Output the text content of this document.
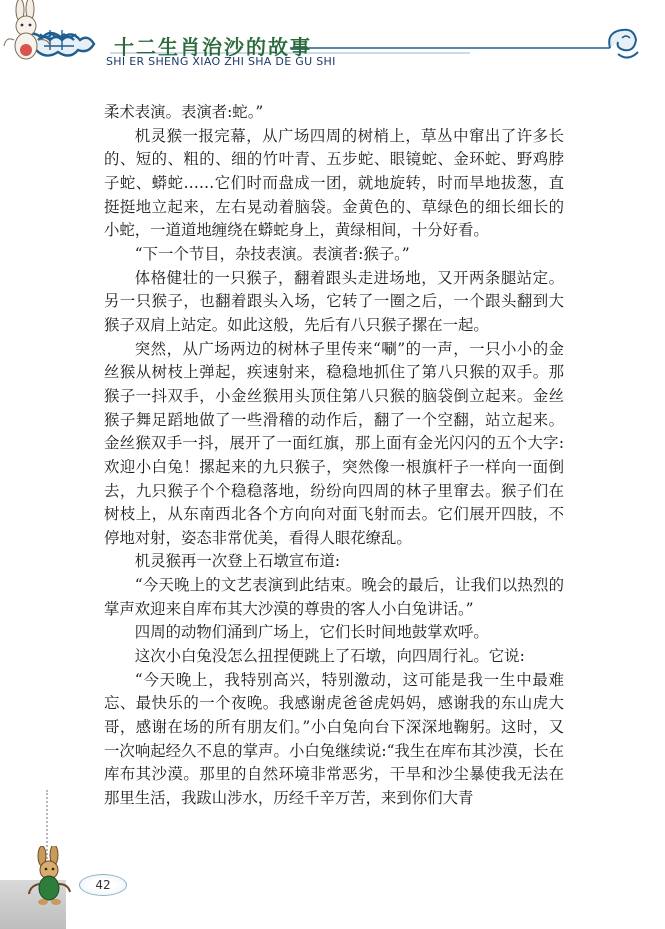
十二生肖治沙的故事
SHI ER SHENG XIAO ZHI SHA DE GU SHI

柔术表演。表演者:蛇。”

机灵猴一报完幕，从广场四周的树梢上，草丛中窜出了许多长的、短的、粗的、细的竹叶青、五步蛇、眼镜蛇、金环蛇、野鸡脖子蛇、蟒蛇……它们时而盘成一团，就地旋转，时而旱地拔葱，直挺挺地立起来，左右晃动着脑袋。金黄色的、草绿色的细长细长的小蛇，一道道地缠绕在蟒蛇身上，黄绿相间，十分好看。

“下一个节目，杂技表演。表演者:猴子。”

体格健壮的一只猴子，翻着跟头走进场地，又开两条腿站定。另一只猴子，也翻着跟头入场，它转了一圈之后，一个跟头翻到大猴子双肩上站定。如此这般，先后有八只猴子摞在一起。

突然，从广场两边的树林子里传来“唰”的一声，一只小小的金丝猴从树枝上弹起，疾速射来，稳稳地抓住了第八只猴的双手。那猴子一抖双手，小金丝猴用头顶住第八只猴的脑袋倒立起来。金丝猴子舞足蹈地做了一些滑稽的动作后，翻了一个空翻，站立起来。金丝猴双手一抖，展开了一面红旗，那上面有金光闪闪的五个大字:欢迎小白兔！摞起来的九只猴子，突然像一根旗杆子一样向一面倒去，九只猴子个个稳稳落地，纷纷向四周的林子里窜去。猴子们在树枝上，从东南西北各个方向向对面飞射而去。它们展开四肢，不停地对射，姿态非常优美，看得人眼花缭乱。

机灵猴再一次登上石墩宣布道:

“今天晚上的文艺表演到此结束。晚会的最后，让我们以热烈的掌声欢迎来自库布其大沙漠的尊贵的客人小白兔讲话。”

四周的动物们涌到广场上，它们长时间地鼓掌欢呼。

这次小白兔没怎么扭捏便跳上了石墩，向四周行礼。它说:

“今天晚上，我特别高兴，特别激动，这可能是我一生中最难忘、最快乐的一个夜晚。我感谢虎爸爸虎妈妈，感谢我的东山虎大哥，感谢在场的所有朋友们。”小白兔向台下深深地鞠躬。这时，又一次响起经久不息的掌声。小白兔继续说:“我生在库布其沙漠，长在库布其沙漠。那里的自然环境非常恶劣，干旱和沙尘暴使我无法在那里生活，我跋山涉水，历经千辛万苦，来到你们大青

42
